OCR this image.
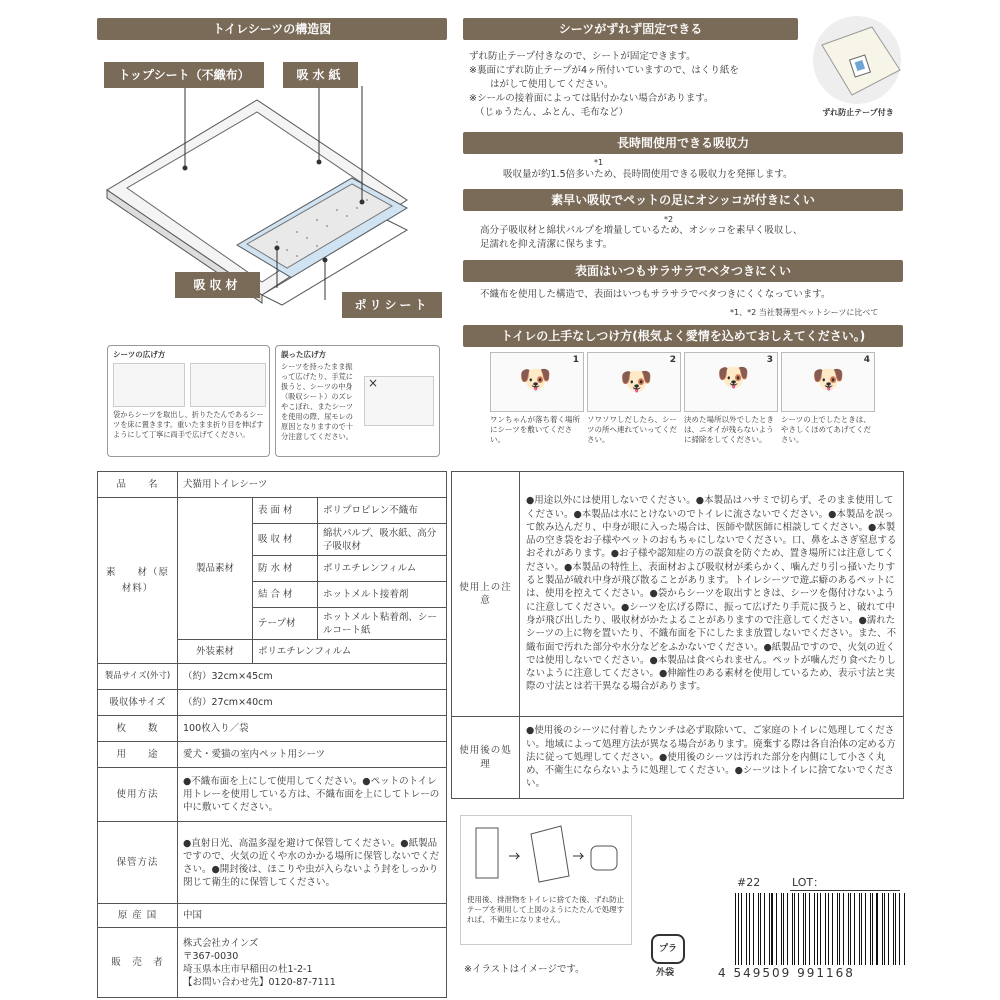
トイレシーツの構造図
トップシート（不織布）	吸水紙
吸収材
ポリシート
シーツがずれず固定できる
ずれ防止テープ付きなので、シートが固定できます。
※裏面にずれ防止テープが4ヶ所付いていますので、はくり紙を
はがして使用してください。
※シールの接着面によっては貼付かない場合があります。
（じゅうたん、ふとん、毛布など）	ずれ防止テープ付き
長時間使用できる吸収力
*1
吸収量が約1.5倍多いため、長時間使用できる吸収力を発揮します。
素早い吸収でペットの足にオシッコが付きにくい
*2
高分子吸収材と綿状パルプを増量しているため、オシッコを素早く吸収し、
足濡れを抑え清潔に保ちます。
表面はいつもサラサラでベタつきにくい
不織布を使用した構造で、表面はいつもサラサラでベタつきにくくなっています。
*1、*2 当社製薄型ペットシーツに比べて
トイレの上手なしつけ方(根気よく愛情を込めておしえてください。)
1
🐶
ワンちゃんが落ち着く場所にシーツを敷いてください。
2
🐶
ソワソワしだしたら、シーツの所へ連れていってください。
3
🐶
決めた場所以外でしたときは、ニオイが残らないように掃除をしてください。
4
🐶
シーツの上でしたときは、やさしくほめてあげてください。
シーツの広げ方
袋からシーツを取出し、折りたたんであるシーツを床に置きます。重いたまま折り目を伸ばすようにして丁寧に両手で広げてください。
誤った広げ方
シーツを持ったまま振って広げたり、手荒に扱うと、シーツの中身（吸収シート）のズレやこぼれ、またシーツを使用の際、尿モレの原因となりますので十分注意してください。
×
品　　名	犬猫用トイレシーツ		
素　　材（原材料）	製品素材	表 面 材	ポリプロピレン不織布
		吸 収 材	綿状パルプ、吸水紙、高分子吸収材
		防 水 材	ポリエチレンフィルム
		結 合 材	ホットメルト接着剤
		テープ材	ホットメルト粘着剤、シールコート紙
	外装素材	ポリエチレンフィルム	
製品サイズ(外寸)	（約）32cm×45cm		
吸収体サイズ	（約）27cm×40cm		
枚　　数	100枚入り／袋		
用　　途	愛犬・愛猫の室内ペット用シーツ		
使用方法	●不織布面を上にして使用してください。●ペットのトイレ用トレーを使用している方は、不織布面を上にしてトレーの中に敷いてください。		
保管方法	●直射日光、高温多湿を避けて保管してください。●紙製品ですので、火気の近くや水のかかる場所に保管しないでください。●開封後は、ほこりや虫が入らないよう封をしっかり閉じて衛生的に保管してください。		
原 産 国	中国		
販　売　者	株式会社カインズ
〒367-0030
埼玉県本庄市早稲田の杜1-2-1
【お問い合わせ先】0120-87-7111		
使用上の注　意	●用途以外には使用しないでください。●本製品はハサミで切らず、そのまま使用してください。●本製品は水にとけないのでトイレに流さないでください。●本製品を誤って飲み込んだり、中身が眼に入った場合は、医師や獣医師に相談してください。●本製品の空き袋をお子様やペットのおもちゃにしないでください。口、鼻をふさぎ窒息するおそれがあります。●お子様や認知症の方の誤食を防ぐため、置き場所には注意してください。●本製品の特性上、表面材および吸収材が柔らかく、噛んだり引っ掻いたりすると製品が破れ中身が飛び散ることがあります。トイレシーツで遊ぶ癖のあるペットには、使用を控えてください。●袋からシーツを取出すときは、シーツを傷付けないように注意してください。●シーツを広げる際に、振って広げたり手荒に扱うと、破れて中身が飛び出したり、吸収材がかたよることがありますので注意してください。●濡れたシーツの上に物を置いたり、不織布面を下にしたまま放置しないでください。また、不織布面で汚れた部分や水分などをふかないでください。●紙製品ですので、火気の近くでは使用しないでください。●本製品は食べられません。ペットが噛んだり食べたりしないように注意してください。●伸縮性のある素材を使用しているため、表示寸法と実際の寸法とは若干異なる場合があります。
使用後の処　理	●使用後のシーツに付着したウンチは必ず取除いて、ご家庭のトイレに処理してください。地域によって処理方法が異なる場合があります。廃棄する際は各自治体の定める方法に従って処理してください。●使用後のシーツは汚れた部分を内側にして小さく丸め、不衛生にならないように処理してください。●シーツはトイレに捨てないでください。
使用後、排泄物をトイレに捨てた後、ずれ防止テープを利用して上図のようにたたんで処理すれば、不衛生になりません。
※イラストはイメージです。
プラ
外袋
#22	LOT：
4 549509 991168
